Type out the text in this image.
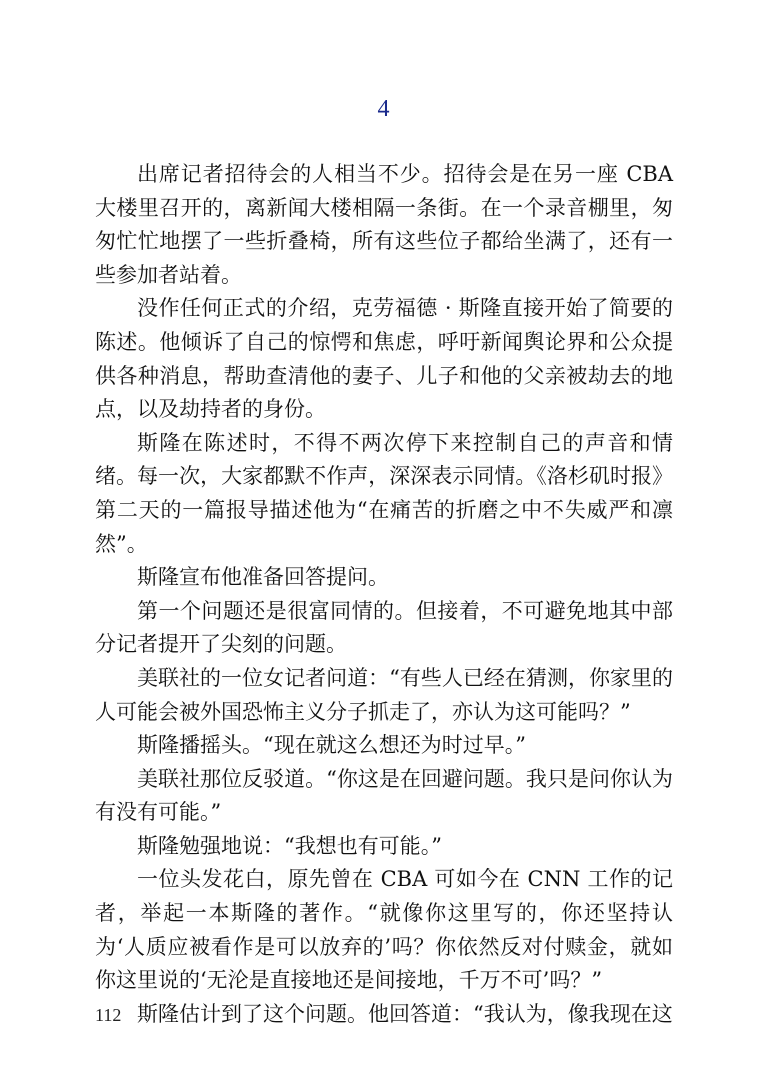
4

出席记者招待会的人相当不少。招待会是在另一座 CBA 大楼里召开的，离新闻大楼相隔一条街。在一个录音棚里，匆匆忙忙地摆了一些折叠椅，所有这些位子都给坐满了，还有一些参加者站着。

没作任何正式的介绍，克劳福德 · 斯隆直接开始了简要的陈述。他倾诉了自己的惊愕和焦虑，呼吁新闻舆论界和公众提供各种消息，帮助查清他的妻子、儿子和他的父亲被劫去的地点，以及劫持者的身份。

斯隆在陈述时，不得不两次停下来控制自己的声音和情绪。每一次，大家都默不作声，深深表示同情。《洛杉矶时报》第二天的一篇报导描述他为“在痛苦的折磨之中不失威严和凛然”。

斯隆宣布他准备回答提问。

第一个问题还是很富同情的。但接着，不可避免地其中部分记者提开了尖刻的问题。

美联社的一位女记者问道：“有些人已经在猜测，你家里的人可能会被外国恐怖主义分子抓走了，亦认为这可能吗？”

斯隆播摇头。“现在就这么想还为时过早。”

美联社那位反驳道。“你这是在回避问题。我只是问你认为有没有可能。”

斯隆勉强地说：“我想也有可能。”

一位头发花白，原先曾在 CBA 可如今在 CNN 工作的记者，举起一本斯隆的著作。“就像你这里写的，你还坚持认为‘人质应被看作是可以放弃的’吗？你依然反对付赎金，就如你这里说的‘无沦是直接地还是间接地，千万不可’吗？”

斯隆估计到了这个问题。他回答道：“我认为，像我现在这

112
